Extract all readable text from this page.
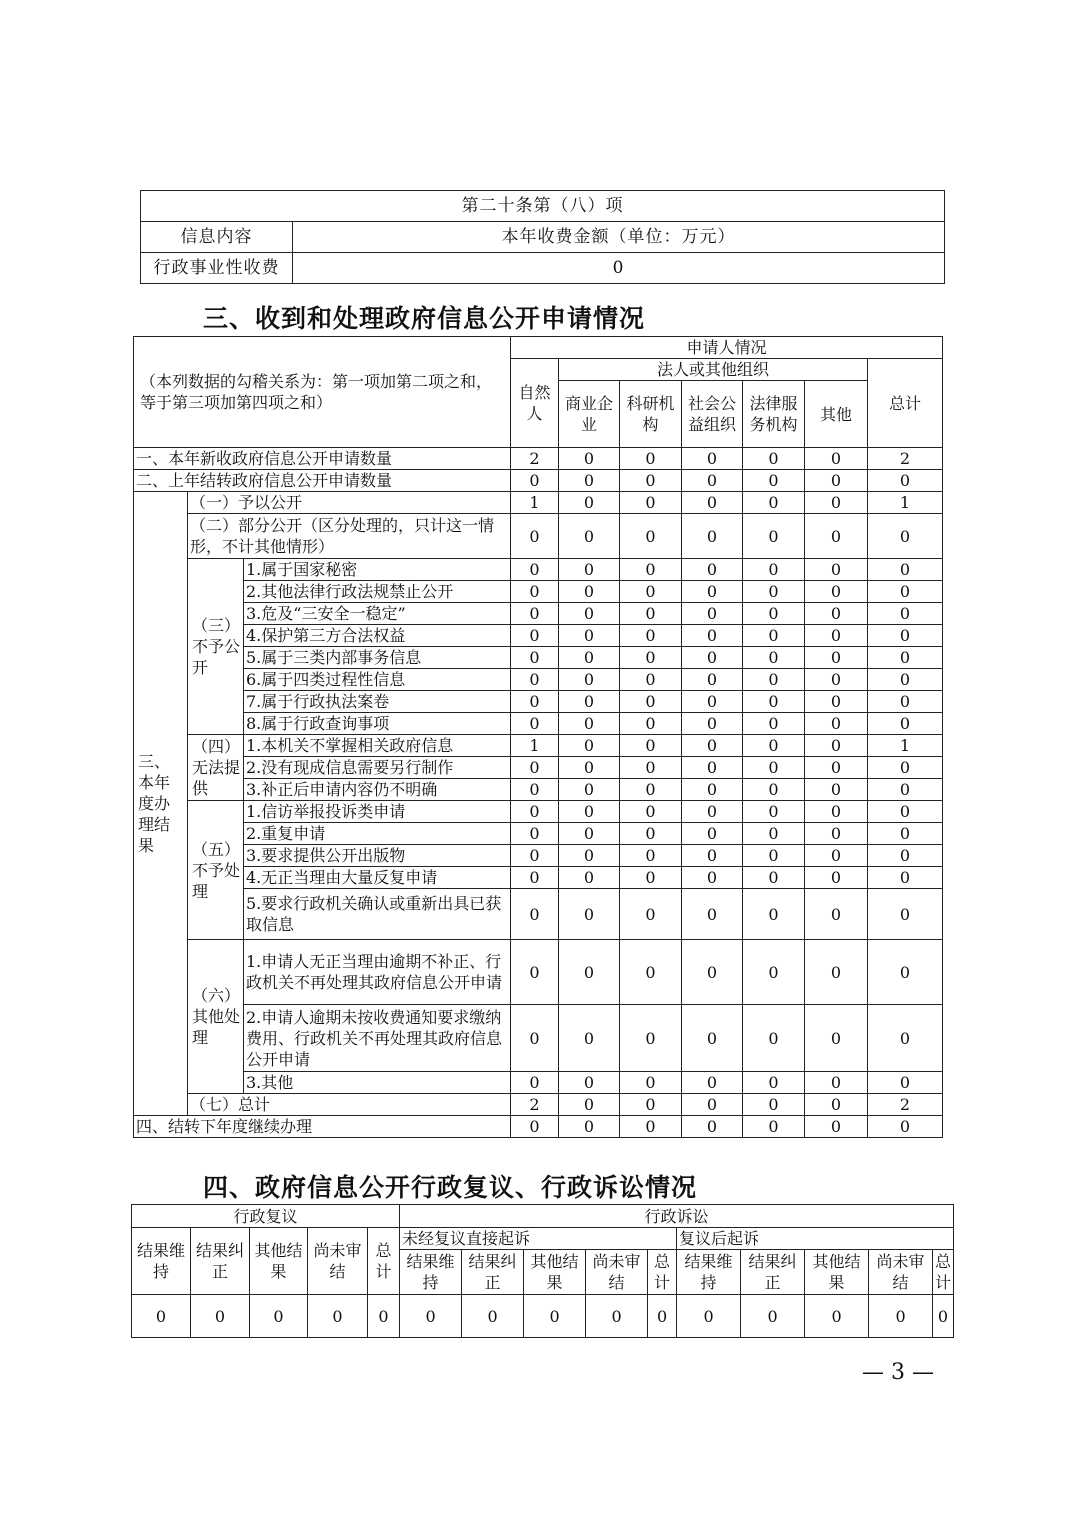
第二十条第（八）项	
信息内容	本年收费金额（单位：万元）
行政事业性收费	0
三、收到和处理政府信息公开申请情况
（本列数据的勾稽关系为：第一项加第二项之和，等于第三项加第四项之和）			申请人情况						
			自然人	法人或其他组织					总计
				商业企业	科研机构	社会公益组织	法律服务机构	其他	
一、本年新收政府信息公开申请数量			2	0	0	0	0	0	2
二、上年结转政府信息公开申请数量			0	0	0	0	0	0	0
三、本年度办理结果	（一）予以公开		1	0	0	0	0	0	1
	（二）部分公开（区分处理的，只计这一情形，不计其他情形）		0	0	0	0	0	0	0
	（三）不予公开	1.属于国家秘密	0	0	0	0	0	0	0
		2.其他法律行政法规禁止公开	0	0	0	0	0	0	0
		3.危及“三安全一稳定”	0	0	0	0	0	0	0
		4.保护第三方合法权益	0	0	0	0	0	0	0
		5.属于三类内部事务信息	0	0	0	0	0	0	0
		6.属于四类过程性信息	0	0	0	0	0	0	0
		7.属于行政执法案卷	0	0	0	0	0	0	0
		8.属于行政查询事项	0	0	0	0	0	0	0
	（四）无法提供	1.本机关不掌握相关政府信息	1	0	0	0	0	0	1
		2.没有现成信息需要另行制作	0	0	0	0	0	0	0
		3.补正后申请内容仍不明确	0	0	0	0	0	0	0
	（五）不予处理	1.信访举报投诉类申请	0	0	0	0	0	0	0
		2.重复申请	0	0	0	0	0	0	0
		3.要求提供公开出版物	0	0	0	0	0	0	0
		4.无正当理由大量反复申请	0	0	0	0	0	0	0
		5.要求行政机关确认或重新出具已获取信息	0	0	0	0	0	0	0
	（六）其他处理	1.申请人无正当理由逾期不补正、行政机关不再处理其政府信息公开申请	0	0	0	0	0	0	0
		2.申请人逾期未按收费通知要求缴纳费用、行政机关不再处理其政府信息公开申请	0	0	0	0	0	0	0
		3.其他	0	0	0	0	0	0	0
	（七）总计		2	0	0	0	0	0	2
四、结转下年度继续办理			0	0	0	0	0	0	0
四、政府信息公开行政复议、行政诉讼情况
行政复议					行政诉讼									
结果维持	结果纠正	其他结果	尚未审结	总计	未经复议直接起诉					复议后起诉				
					结果维持	结果纠正	其他结果	尚未审结	总计	结果维持	结果纠正	其他结果	尚未审结	总计
0	0	0	0	0	0	0	0	0	0	0	0	0	0	0
— 3 —
